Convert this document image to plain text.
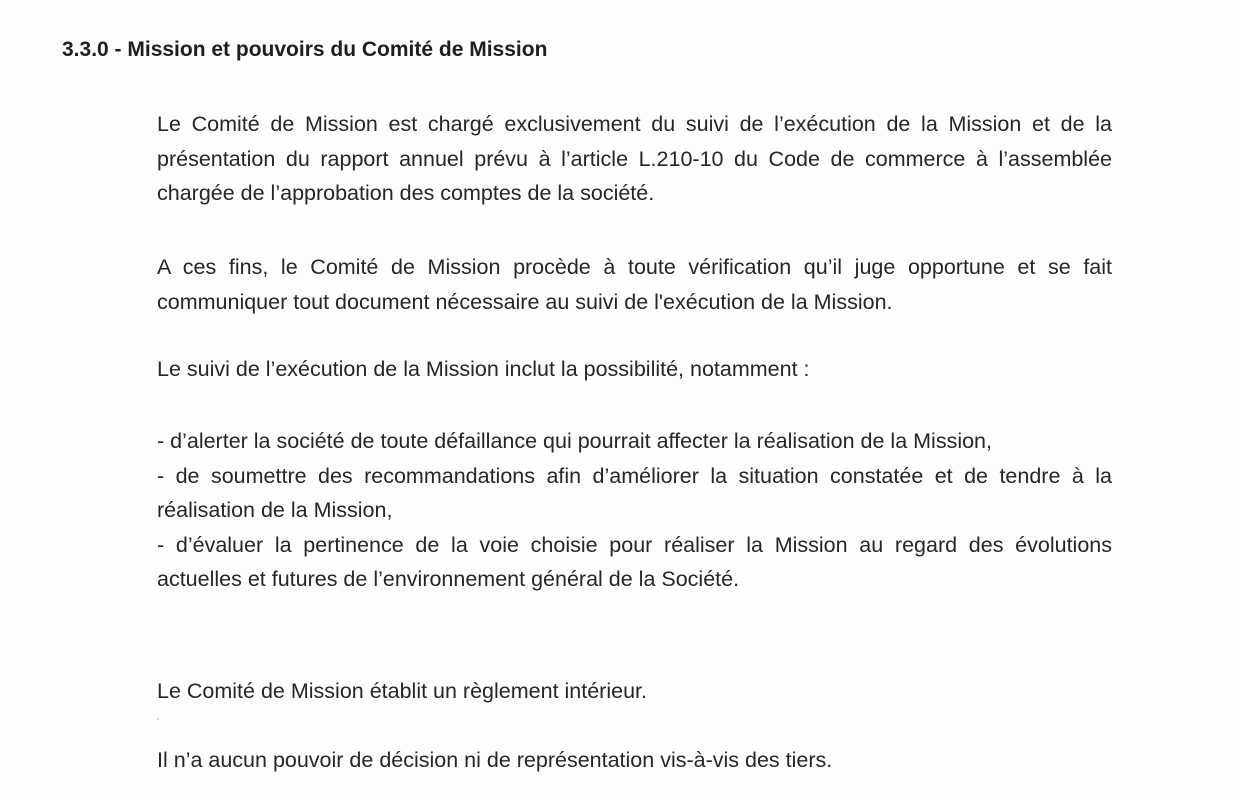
3.3.0 - Mission et pouvoirs du Comité de Mission

Le Comité de Mission est chargé exclusivement du suivi de l’exécution de la Mission et de la présentation du rapport annuel prévu à l’article L.210-10 du Code de commerce à l’assemblée chargée de l’approbation des comptes de la société.

A ces fins, le Comité de Mission procède à toute vérification qu’il juge opportune et se fait communiquer tout document nécessaire au suivi de l'exécution de la Mission.

Le suivi de l’exécution de la Mission inclut la possibilité, notamment :

- d’alerter la société de toute défaillance qui pourrait affecter la réalisation de la Mission,

- de soumettre des recommandations afin d’améliorer la situation constatée et de tendre à la réalisation de la Mission,

- d’évaluer la pertinence de la voie choisie pour réaliser la Mission au regard des évolutions actuelles et futures de l’environnement général de la Société.

Le Comité de Mission établit un règlement intérieur.

Il n’a aucun pouvoir de décision ni de représentation vis-à-vis des tiers.
